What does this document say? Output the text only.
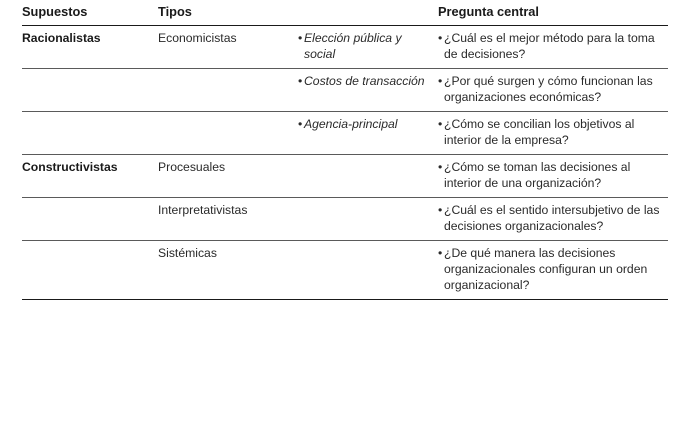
Supuestos	Tipos		Pregunta central
Racionalistas	Economicistas	• Elección pública y social	• ¿Cuál es el mejor método para la toma de decisiones?

		• Costos de transacción	• ¿Por qué surgen y cómo funcionan las organizaciones económicas?

		• Agencia-principal	• ¿Cómo se concilian los objetivos al interior de la empresa?

Constructivistas	Procesuales		• ¿Cómo se toman las decisiones al interior de una organización?

	Interpretativistas		• ¿Cuál es el sentido intersubjetivo de las decisiones organizacionales?

	Sistémicas		• ¿De qué manera las decisiones organizacionales configuran un orden organizacional?
